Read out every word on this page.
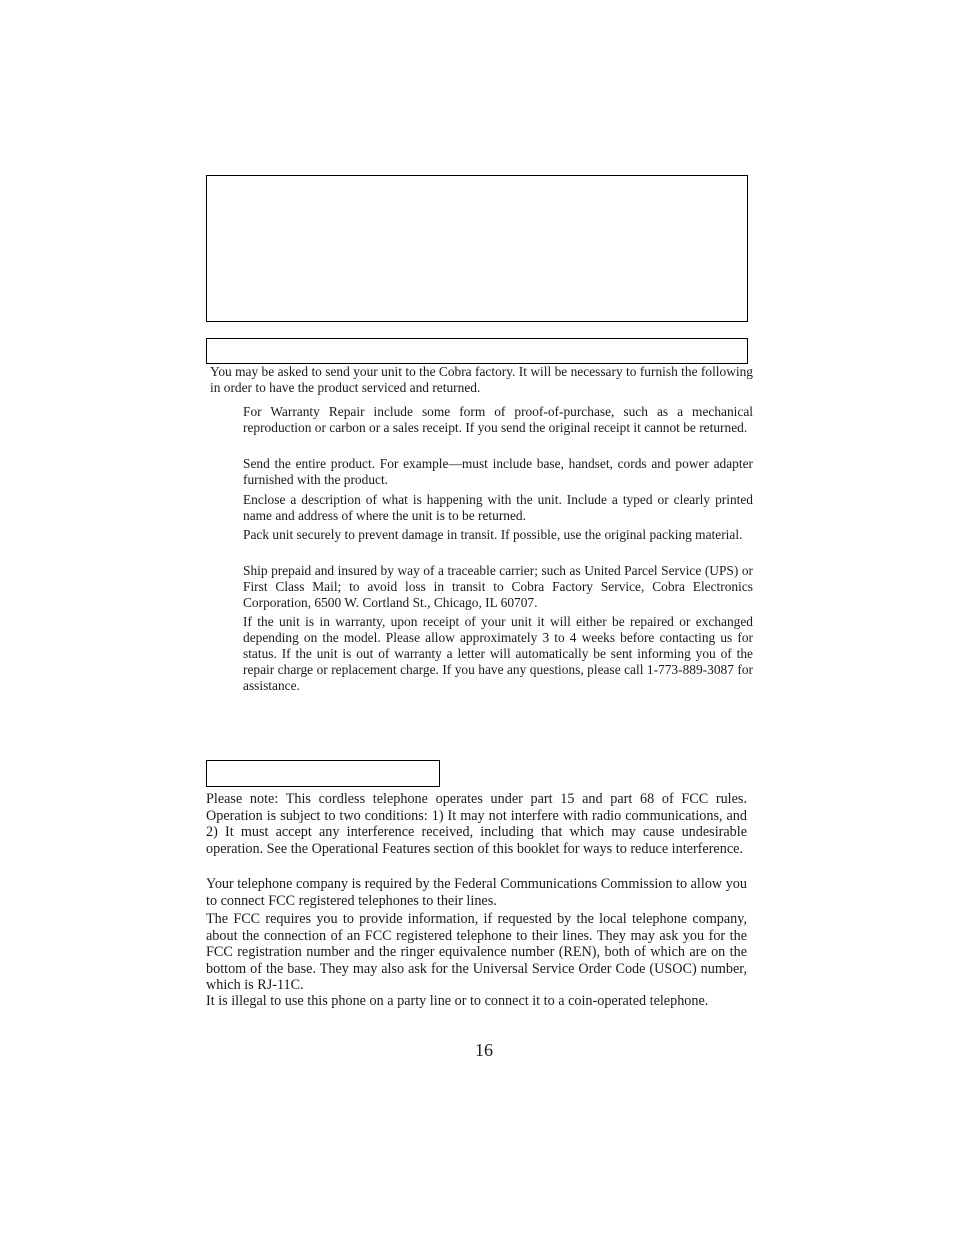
You may be asked to send your unit to the Cobra factory. It will be necessary to furnish the following in order to have the product serviced and returned.

For Warranty Repair include some form of proof-of-purchase, such as a mechanical reproduction or carbon or a sales receipt. If you send the original receipt it cannot be returned.

Send the entire product. For example—must include base, handset, cords and power adapter furnished with the product.

Enclose a description of what is happening with the unit. Include a typed or clearly printed name and address of where the unit is to be returned.

Pack unit securely to prevent damage in transit. If possible, use the original packing material.

Ship prepaid and insured by way of a traceable carrier; such as United Parcel Service (UPS) or First Class Mail; to avoid loss in transit to Cobra Factory Service, Cobra Electronics Corporation, 6500 W. Cortland St., Chicago, IL 60707.

If the unit is in warranty, upon receipt of your unit it will either be repaired or exchanged depending on the model. Please allow approximately 3 to 4 weeks before contacting us for status. If the unit is out of warranty a letter will automatically be sent informing you of the repair charge or replacement charge. If you have any questions, please call 1-773-889-3087 for assistance.

Please note: This cordless telephone operates under part 15 and part 68 of FCC rules. Operation is subject to two conditions: 1) It may not interfere with radio communications, and 2) It must accept any interference received, including that which may cause undesirable operation. See the Operational Features section of this booklet for ways to reduce interference.

Your telephone company is required by the Federal Communications Commission to allow you to connect FCC registered telephones to their lines.

The FCC requires you to provide information, if requested by the local telephone company, about the connection of an FCC registered telephone to their lines. They may ask you for the FCC registration number and the ringer equivalence number (REN), both of which are on the bottom of the base. They may also ask for the Universal Service Order Code (USOC) number, which is RJ-11C.

It is illegal to use this phone on a party line or to connect it to a coin-operated telephone.

16
